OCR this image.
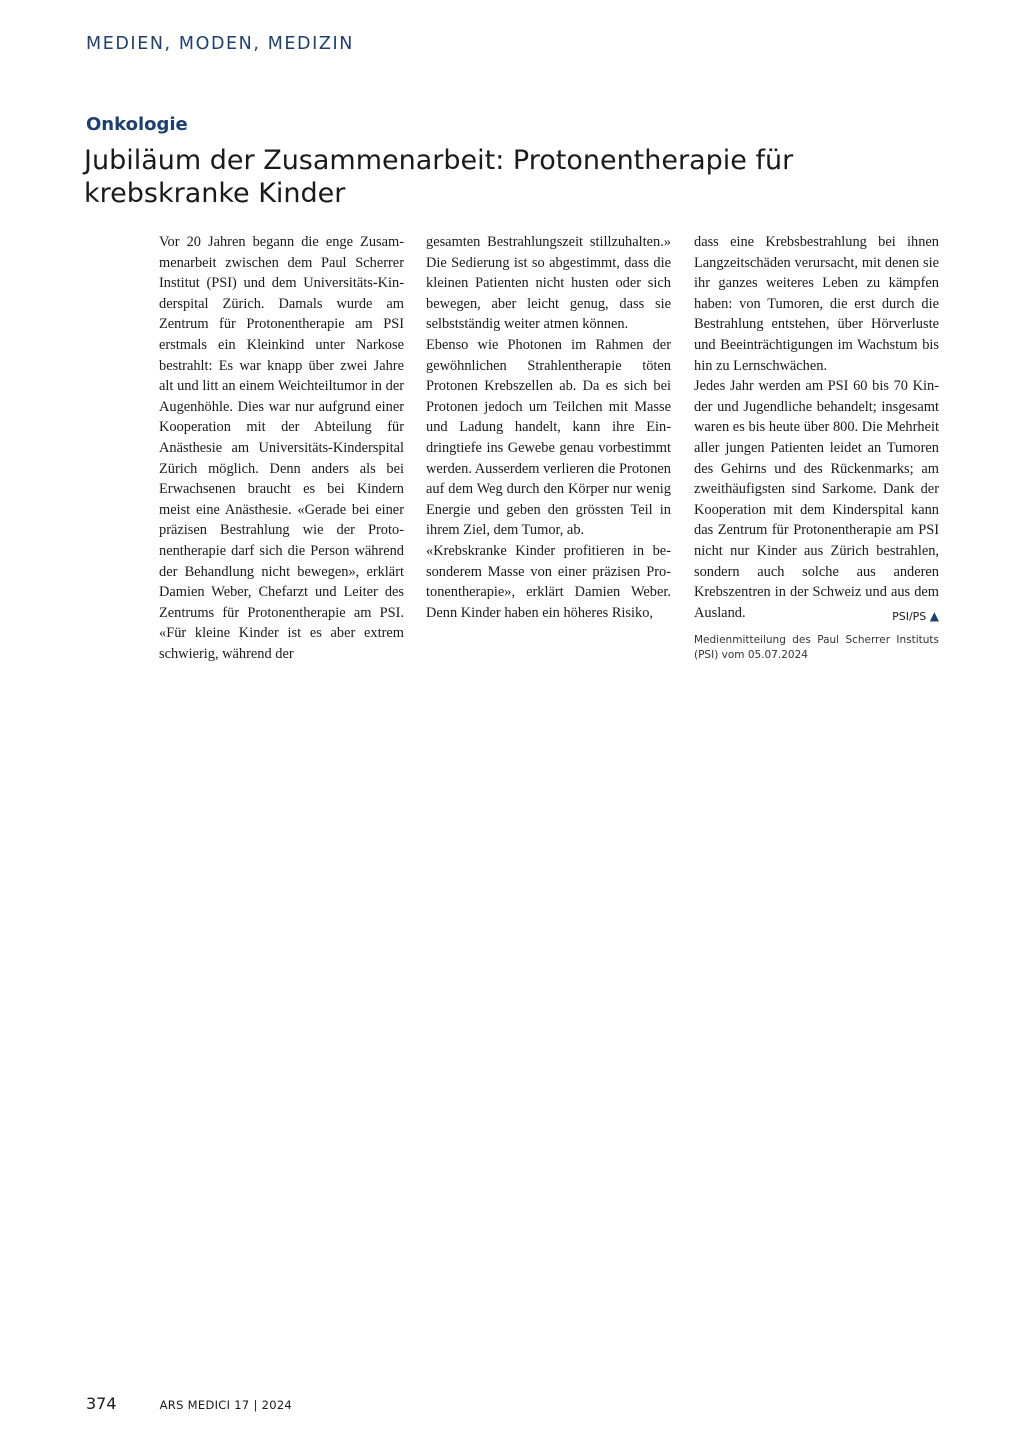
MEDIEN, MODEN, MEDIZIN
Onkologie
Jubiläum der Zusammenarbeit: Protonentherapie für krebskranke Kinder

Vor 20 Jahren begann die enge Zusammenarbeit zwischen dem Paul Scherrer Institut (PSI) und dem Universitäts-Kinderspital Zürich. Damals wurde am Zentrum für Protonentherapie am PSI erstmals ein Kleinkind unter Narkose bestrahlt: Es war knapp über zwei Jahre alt und litt an einem Weichteiltumor in der Augenhöhle. Dies war nur aufgrund einer Kooperation mit der Abteilung für Anästhesie am Universitäts-Kinderspital Zürich möglich. Denn anders als bei Erwachsenen braucht es bei Kindern meist eine Anästhesie. «Gerade bei einer präzisen Bestrahlung wie der Protonentherapie darf sich die Person während der Behandlung nicht bewegen», erklärt Damien Weber, Chefarzt und Leiter des Zentrums für Protonentherapie am PSI. «Für kleine Kinder ist es aber extrem schwierig, während der

gesamten Bestrahlungszeit stillzuhalten.» Die Sedierung ist so abgestimmt, dass die kleinen Patienten nicht husten oder sich bewegen, aber leicht genug, dass sie selbstständig weiter atmen können.

Ebenso wie Photonen im Rahmen der gewöhnlichen Strahlentherapie töten Protonen Krebszellen ab. Da es sich bei Protonen jedoch um Teilchen mit Masse und Ladung handelt, kann ihre Eindringtiefe ins Gewebe genau vorbestimmt werden. Ausserdem verlieren die Protonen auf dem Weg durch den Körper nur wenig Energie und geben den grössten Teil in ihrem Ziel, dem Tumor, ab.

«Krebskranke Kinder profitieren in besonderem Masse von einer präzisen Protonentherapie», erklärt Damien Weber. Denn Kinder haben ein höheres Risiko,

dass eine Krebsbestrahlung bei ihnen Langzeitschäden verursacht, mit denen sie ihr ganzes weiteres Leben zu kämpfen haben: von Tumoren, die erst durch die Bestrahlung entstehen, über Hörverluste und Beeinträchtigungen im Wachstum bis hin zu Lernschwächen.

Jedes Jahr werden am PSI 60 bis 70 Kinder und Jugendliche behandelt; insgesamt waren es bis heute über 800. Die Mehrheit aller jungen Patienten leidet an Tumoren des Gehirns und des Rückenmarks; am zweithäufigsten sind Sarkome. Dank der Kooperation mit dem Kinderspital kann das Zentrum für Protonentherapie am PSI nicht nur Kinder aus Zürich bestrahlen, sondern auch solche aus anderen Krebszentren in der Schweiz und aus dem Ausland.	PSI/PS ▲

Medienmitteilung des Paul Scherrer Instituts (PSI) vom 05.07.2024

374	ARS MEDICI 17 | 2024
